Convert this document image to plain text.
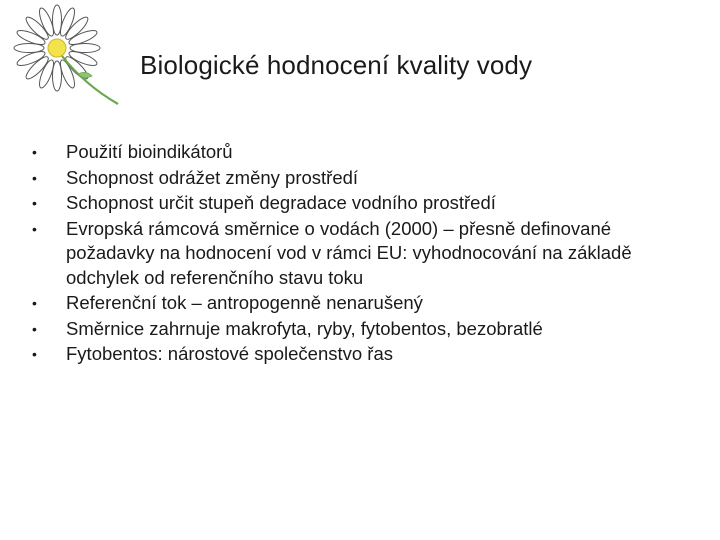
Biologické hodnocení kvality vody
•	Použití bioindikátorů
•	Schopnost odrážet změny prostředí
•	Schopnost určit stupeň degradace vodního prostředí
•	Evropská rámcová směrnice o vodách (2000) – přesně definované požadavky na hodnocení vod v rámci EU: vyhodnocování na základě odchylek od referenčního stavu toku
•	Referenční tok – antropogenně nenarušený
•	Směrnice zahrnuje makrofyta, ryby, fytobentos, bezobratlé
•	Fytobentos: nárostové společenstvo řas
